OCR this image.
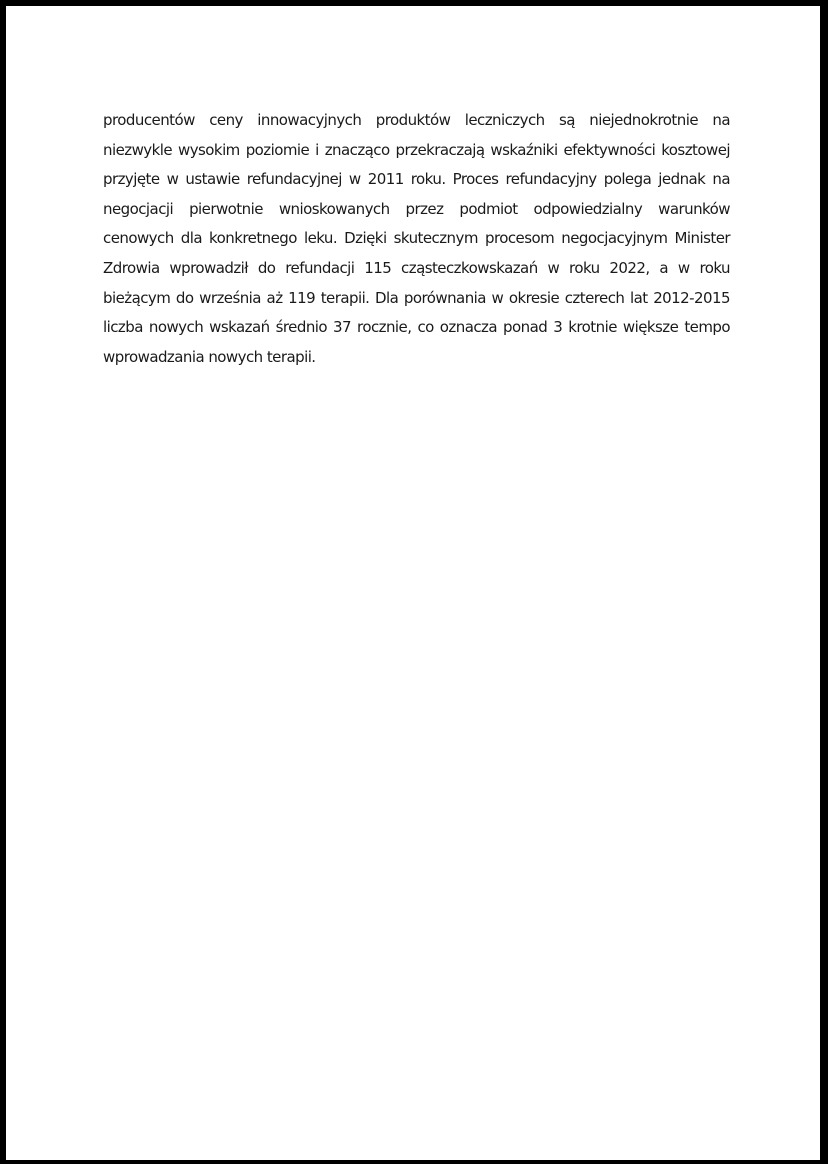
producentów ceny innowacyjnych produktów leczniczych są niejednokrotnie na niezwykle wysokim poziomie i znacząco przekraczają wskaźniki efektywności kosztowej przyjęte w ustawie refundacyjnej w 2011 roku. Proces refundacyjny polega jednak na negocjacji pierwotnie wnioskowanych przez podmiot odpowiedzialny warunków cenowych dla konkretnego leku. Dzięki skutecznym procesom negocjacyjnym Minister Zdrowia wprowadził do refundacji 115 cząsteczkowskazań w roku 2022, a w roku bieżącym do września aż 119 terapii. Dla porównania w okresie czterech lat 2012-2015 liczba nowych wskazań średnio 37 rocznie, co oznacza ponad 3 krotnie większe tempo wprowadzania nowych terapii.
